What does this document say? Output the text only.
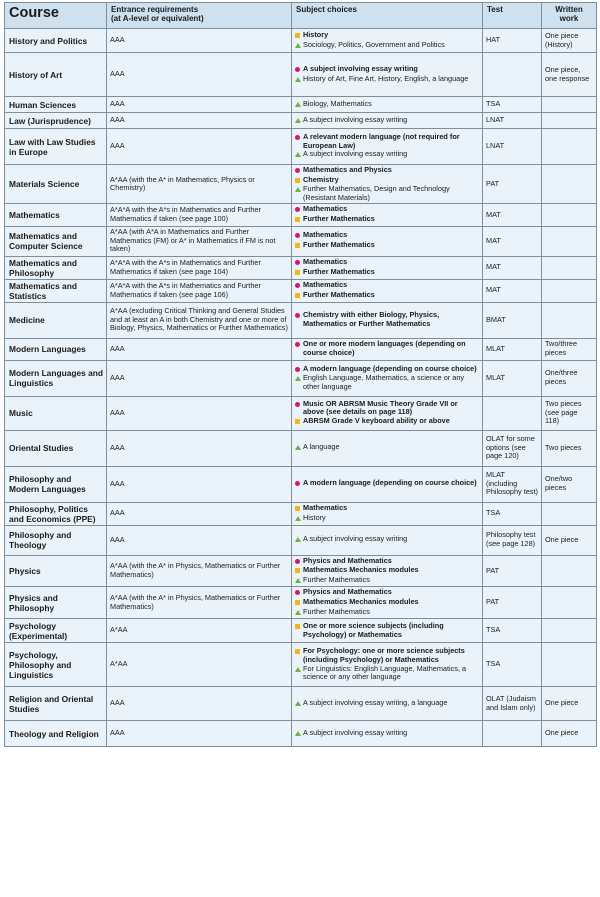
Course	Entrance requirements
(at A-level or equivalent)	Subject choices	Test	Written
work
History and Politics	AAA	History
Sociology, Politics, Government and Politics	HAT	One piece (History)
History of Art	AAA	A subject involving essay writing
History of Art, Fine Art, History, English, a language		One piece, one response
Human Sciences	AAA	Biology, Mathematics	TSA	
Law (Jurisprudence)	AAA	A subject involving essay writing	LNAT	
Law with Law Studies in Europe	AAA	A relevant modern language (not required for European Law)
A subject involving essay writing	LNAT	
Materials Science	A*AA (with the A* in Mathematics, Physics or Chemistry)	Mathematics and Physics
Chemistry
Further Mathematics, Design and Technology (Resistant Materials)	PAT	
Mathematics	A*A*A with the A*s in Mathematics and Further Mathematics if taken (see page 100)	Mathematics
Further Mathematics	MAT	
Mathematics and Computer Science	A*AA (with A*A in Mathematics and Further Mathematics (FM) or A* in Mathematics if FM is not taken)	Mathematics
Further Mathematics	MAT	
Mathematics and Philosophy	A*A*A with the A*s in Mathematics and Further Mathematics if taken (see page 104)	Mathematics
Further Mathematics	MAT	
Mathematics and Statistics	A*A*A with the A*s in Mathematics and Further Mathematics if taken (see page 106)	Mathematics
Further Mathematics	MAT	
Medicine	A*AA (excluding Critical Thinking and General Studies and at least an A in both Chemistry and one or more of Biology, Physics, Mathematics or Further Mathematics)	Chemistry with either Biology, Physics, Mathematics or Further Mathematics	BMAT	
Modern Languages	AAA	One or more modern languages (depending on course choice)	MLAT	Two/three pieces
Modern Languages and Linguistics	AAA	A modern language (depending on course choice)
English Language, Mathematics, a science or any other language	MLAT	One/three pieces
Music	AAA	Music OR ABRSM Music Theory Grade VII or above (see details on page 118)
ABRSM Grade V keyboard ability or above		Two pieces (see page 118)
Oriental Studies	AAA	A language	OLAT for some options (see page 120)	Two pieces
Philosophy and Modern Languages	AAA	A modern language (depending on course choice)	MLAT (including Philosophy test)	One/two pieces
Philosophy, Politics and Economics (PPE)	AAA	Mathematics
History	TSA	
Philosophy and Theology	AAA	A subject involving essay writing	Philosophy test (see page 128)	One piece
Physics	A*AA (with the A* in Physics, Mathematics or Further Mathematics)	Physics and Mathematics
Mathematics Mechanics modules
Further Mathematics	PAT	
Physics and Philosophy	A*AA (with the A* in Physics, Mathematics or Further Mathematics)	Physics and Mathematics
Mathematics Mechanics modules
Further Mathematics	PAT	
Psychology (Experimental)	A*AA	One or more science subjects (including Psychology) or Mathematics	TSA	
Psychology, Philosophy and Linguistics	A*AA	For Psychology: one or more science subjects (including Psychology) or Mathematics
For Linguistics: English Language, Mathematics, a science or any other language	TSA	
Religion and Oriental Studies	AAA	A subject involving essay writing, a language	OLAT (Judaism and Islam only)	One piece
Theology and Religion	AAA	A subject involving essay writing		One piece
